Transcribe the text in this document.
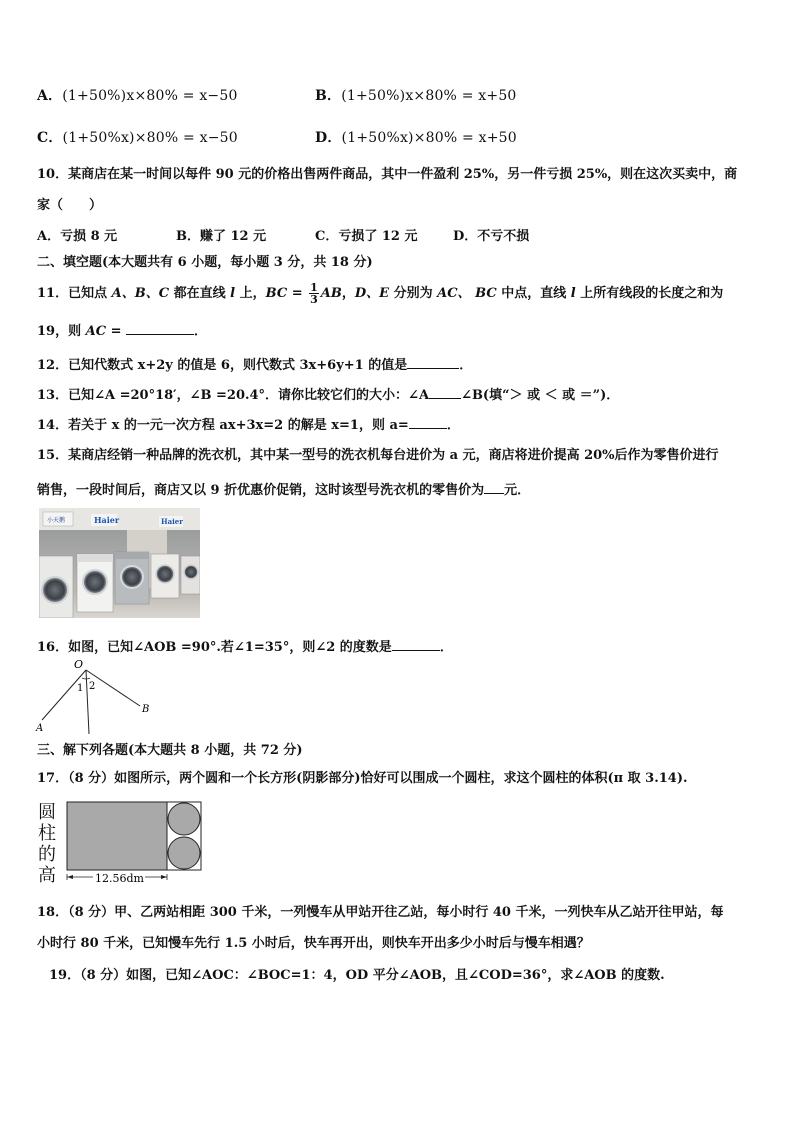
A．(1+50%)x×80% = x−50	B．(1+50%)x×80% = x+50
C．(1+50%x)×80% = x−50	D．(1+50%x)×80% = x+50
10．某商店在某一时间以每件 90 元的价格出售两件商品，其中一件盈利 25%，另一件亏损 25%，则在这次买卖中，商
家（　　）
A．亏损 8 元	B．赚了 12 元	C．亏损了 12 元	D．不亏不损
二、填空题(本大题共有 6 小题，每小题 3 分，共 18 分)
11．已知点 A、B、C 都在直线 l 上，BC = $\frac{1}{3}$ AB，D、E 分别为 AC、 BC 中点，直线 l 上所有线段的长度之和为
19，则 AC =	．
12．已知代数式 x+2y 的值是 6，则代数式 3x+6y+1 的值是	．
13．已知∠A =20°18′，∠B =20.4°．请你比较它们的大小：∠A ∠B(填“＞ 或 ＜ 或 ＝”)．
14．若关于 x 的一元一次方程 ax+3x=2 的解是 x=1，则 a=	．
15．某商店经销一种品牌的洗衣机，其中某一型号的洗衣机每台进价为 a 元，商店将进价提高 20%后作为零售价进行
销售，一段时间后，商店又以 9 折优惠价促销，这时该型号洗衣机的零售价为 元．
小天鹅	Haier	Haier
16．如图，已知∠AOB =90°.若∠1=35°，则∠2 的度数是	．
O
A
B
1 2
三、解下列各题(本大题共 8 小题，共 72 分)
17．（8 分）如图所示，两个圆和一个长方形(阴影部分)恰好可以围成一个圆柱，求这个圆柱的体积(π 取 3.14).
圆
柱
的
高	12.56dm
18．（8 分）甲、乙两站相距 300 千米，一列慢车从甲站开往乙站，每小时行 40 千米，一列快车从乙站开往甲站，每
小时行 80 千米，已知慢车先行 1.5 小时后，快车再开出，则快车开出多少小时后与慢车相遇？
19．（8 分）如图，已知∠AOC：∠BOC=1：4，OD 平分∠AOB，且∠COD=36°，求∠AOB 的度数.
